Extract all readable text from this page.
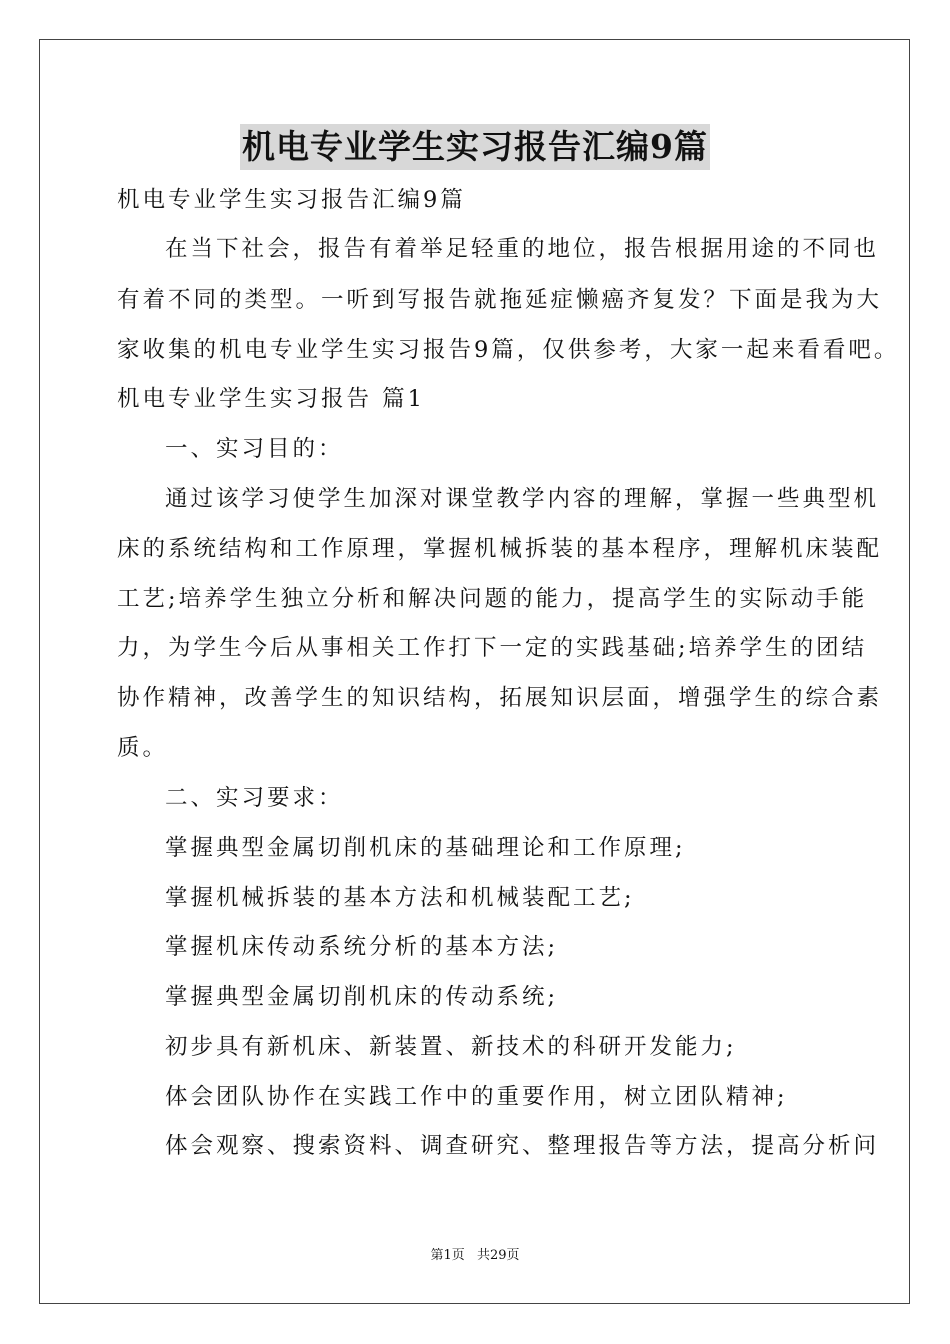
机电专业学生实习报告汇编9篇
机电专业学生实习报告汇编9篇
在当下社会，报告有着举足轻重的地位，报告根据用途的不同也
有着不同的类型。一听到写报告就拖延症懒癌齐复发？下面是我为大
家收集的机电专业学生实习报告9篇，仅供参考，大家一起来看看吧。
机电专业学生实习报告 篇1
一、实习目的：
通过该学习使学生加深对课堂教学内容的理解，掌握一些典型机
床的系统结构和工作原理，掌握机械拆装的基本程序，理解机床装配
工艺;培养学生独立分析和解决问题的能力，提高学生的实际动手能
力，为学生今后从事相关工作打下一定的实践基础;培养学生的团结
协作精神，改善学生的知识结构，拓展知识层面，增强学生的综合素
质。
二、实习要求：
掌握典型金属切削机床的基础理论和工作原理;
掌握机械拆装的基本方法和机械装配工艺;
掌握机床传动系统分析的基本方法;
掌握典型金属切削机床的传动系统;
初步具有新机床、新装置、新技术的科研开发能力;
体会团队协作在实践工作中的重要作用，树立团队精神;
体会观察、搜索资料、调查研究、整理报告等方法，提高分析问
第1页 共29页
